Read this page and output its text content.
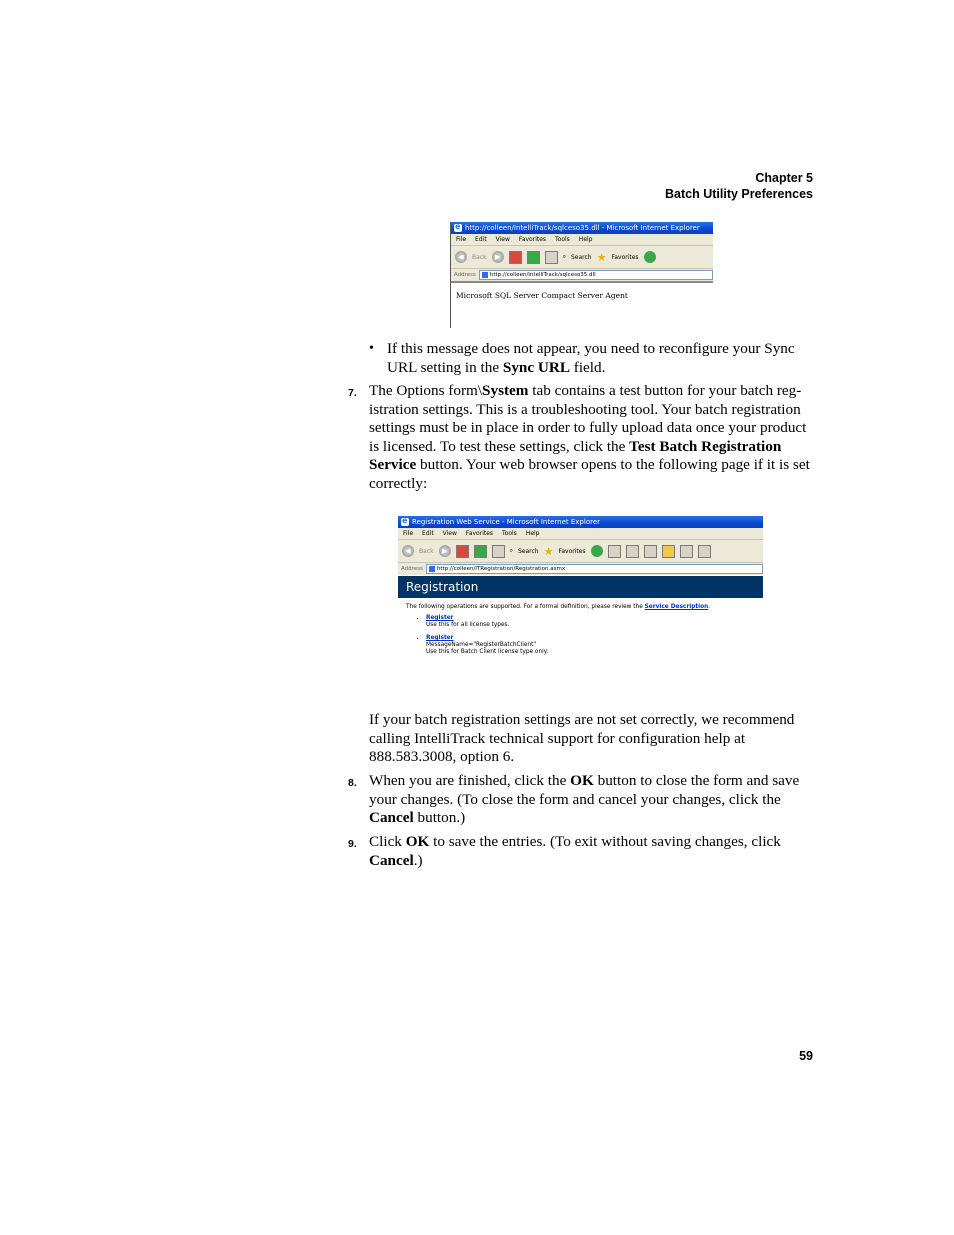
Chapter 5
Batch Utility Preferences
e
http://colleen/IntelliTrack/sqlceso35.dll - Microsoft Internet Explorer
File Edit View Favorites Tools Help
◀	Back	▶	⌕ Search ★ Favorites
Address	http://colleen/IntelliTrack/sqlceso35.dll
Microsoft SQL Server Compact Server Agent
• If this message does not appear, you need to reconfigure your Sync URL setting in the Sync URL field.
7. The Options form\System tab contains a test button for your batch reg-istration settings. This is a troubleshooting tool. Your batch registration settings must be in place in order to fully upload data once your product is licensed. To test these settings, click the Test Batch Registration Service button. Your web browser opens to the following page if it is set correctly:
e
Registration Web Service - Microsoft Internet Explorer
File Edit View Favorites Tools Help
◀	Back	▶	⌕ Search ★ Favorites
Address	http://colleen/ITRegistration/Registration.asmx
Registration
The following operations are supported. For a formal definition, please review the Service Description.
• Register
Use this for all license types.
• Register
MessageName="RegisterBatchClient"
Use this for Batch Client license type only.
If your batch registration settings are not set correctly, we recommend calling IntelliTrack technical support for configuration help at 888.583.3008, option 6.
8. When you are finished, click the OK button to close the form and save your changes. (To close the form and cancel your changes, click the Cancel button.)
9. Click OK to save the entries. (To exit without saving changes, click Cancel.)
59
